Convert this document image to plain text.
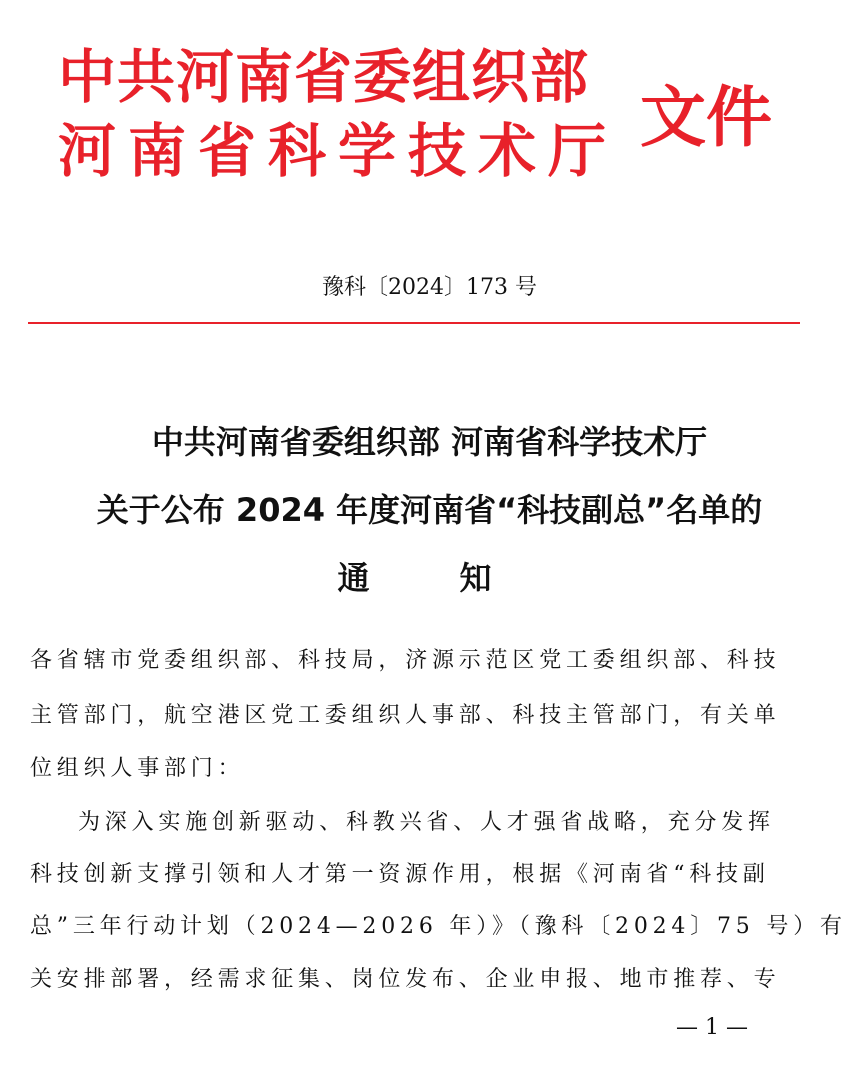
中共河南省委组织部
河南省科学技术厅 文件
豫科〔2024〕173 号
中共河南省委组织部 河南省科学技术厅
关于公布 2024 年度河南省“科技副总”名单的
通知
各省辖市党委组织部、科技局，济源示范区党工委组织部、科技
主管部门，航空港区党工委组织人事部、科技主管部门，有关单
位组织人事部门：
为深入实施创新驱动、科教兴省、人才强省战略，充分发挥
科技创新支撑引领和人才第一资源作用，根据《河南省“科技副
总”三年行动计划（2024—2026 年）》（豫科〔2024〕75 号）有
关安排部署，经需求征集、岗位发布、企业申报、地市推荐、专
— 1 —
